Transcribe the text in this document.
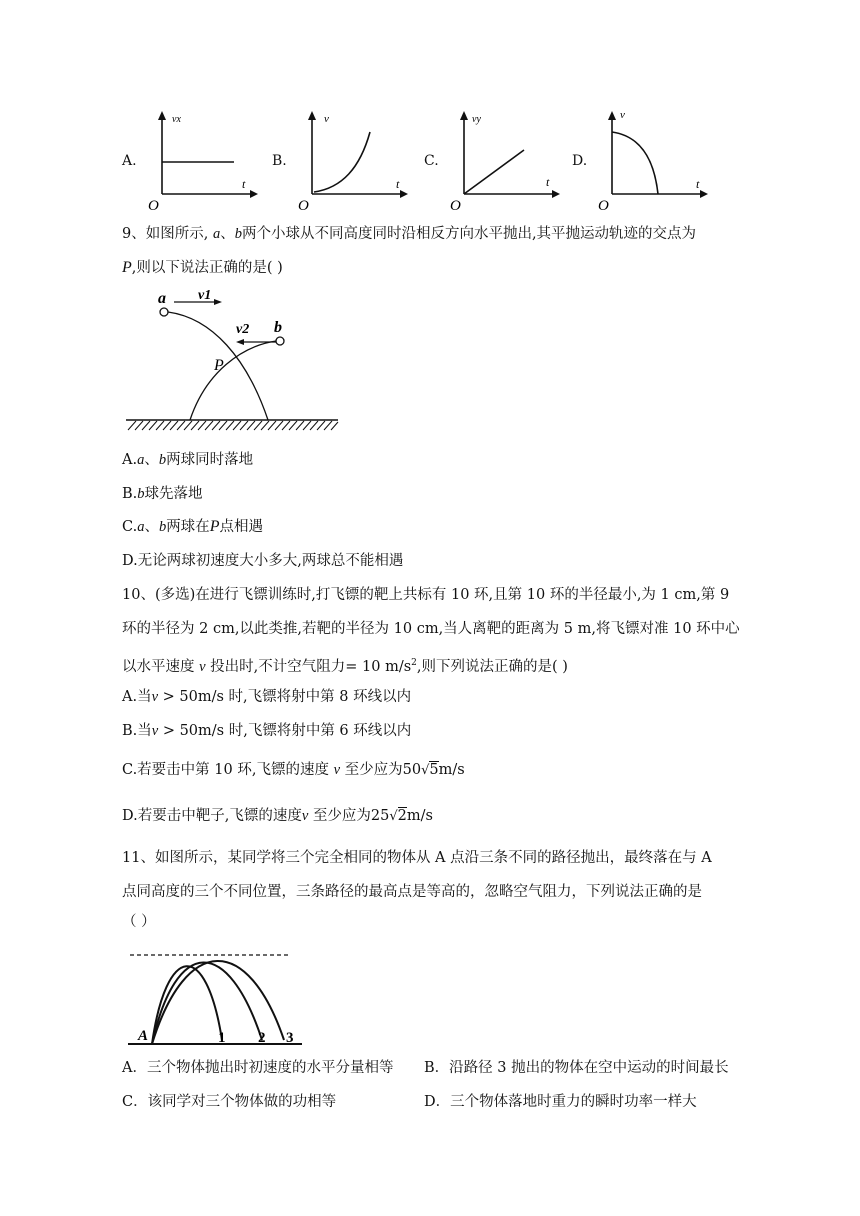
A.	B.	C.	D.
vx
t
O
v
t
O
vy
t
O
v
t
O
9、如图所示, a、b两个小球从不同高度同时沿相反方向水平抛出,其平抛运动轨迹的交点为
P,则以下说法正确的是( )
a v1
v2 b
P
A.a、b两球同时落地
B.b球先落地
C.a、b两球在P点相遇
D.无论两球初速度大小多大,两球总不能相遇
10、(多选)在进行飞镖训练时,打飞镖的靶上共标有 10 环,且第 10 环的半径最小,为 1 cm,第 9
环的半径为 2 cm,以此类推,若靶的半径为 10 cm,当人离靶的距离为 5 m,将飞镖对准 10 环中心
以水平速度 v 投出时,不计空气阻力= 10 $m/s^2$,则下列说法正确的是( )
A.当v > 50m/s 时,飞镖将射中第 8 环线以内
B.当v > 50m/s 时,飞镖将射中第 6 环线以内
C.若要击中第 10 环,飞镖的速度 v 至少应为50√5m/s
D.若要击中靶子,飞镖的速度v 至少应为25√2m/s
11、如图所示，某同学将三个完全相同的物体从 A 点沿三条不同的路径抛出，最终落在与 A
点同高度的三个不同位置，三条路径的最高点是等高的，忽略空气阻力，下列说法正确的是
（ ）
A	1 2 3
A．三个物体抛出时初速度的水平分量相等 B．沿路径 3 抛出的物体在空中运动的时间最长
C．该同学对三个物体做的功相等	D．三个物体落地时重力的瞬时功率一样大
